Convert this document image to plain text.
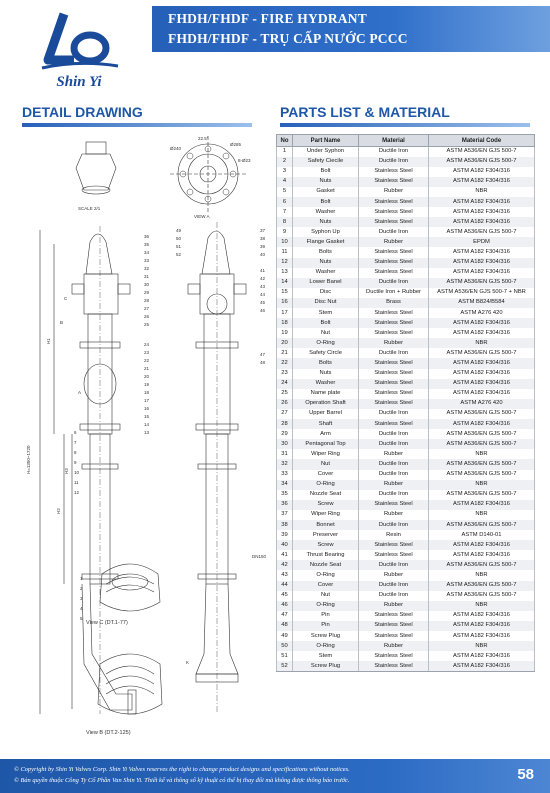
Shin Yi
FHDH/FHDF - FIRE HYDRANT
FHDH/FHDF - TRỤ CẤP NƯỚC PCCC
DETAIL DRAWING	PARTS LIST & MATERIAL
SCALE 2/1
VIEW A
22.5°
Ø240
Ø285
8-Ø23
H=1350~1720
H1
H2
H3
A
B
C
1
2
3
4
5
6
7
8
9
10
11
12
36
35
34
33
32
31
30
29
28
27
26
25
24
23
22
21
20
19
18
17
16
15
14
13
DN150
K
37
38
39
40
41
42
43
44
45
46
47
48
49
50
51
52
View C (DT.1-77)
View B (DT.2-125)
No	Part Name	Material	Material Code
1	Under Syphon	Ductile Iron	ASTM A536/EN GJS 500-7
2	Safety Ciecile	Ductile Iron	ASTM A536/EN GJS 500-7
3	Bolt	Stainless Steel	ASTM A182 F304/316
4	Nuts	Stainless Steel	ASTM A182 F304/316
5	Gasket	Rubber	NBR
6	Bolt	Stainless Steel	ASTM A182 F304/316
7	Washer	Stainless Steel	ASTM A182 F304/316
8	Nuts	Stainless Steel	ASTM A182 F304/316
9	Syphon Up	Ductile Iron	ASTM A536/EN GJS 500-7
10	Flange Gasket	Rubber	EPDM
11	Bolts	Stainless Steel	ASTM A182 F304/316
12	Nuts	Stainless Steel	ASTM A182 F304/316
13	Washer	Stainless Steel	ASTM A182 F304/316
14	Lower Banel	Ductile Iron	ASTM A536/EN GJS 500-7
15	Disc	Ductile Iron + Rubber	ASTM A536/EN GJS 500-7 + NBR
16	Disc Nut	Brass	ASTM B824/B584
17	Stem	Stainless Steel	ASTM A276 420
18	Bolt	Stainless Steel	ASTM A182 F304/316
19	Nut	Stainless Steel	ASTM A182 F304/316
20	O-Ring	Rubber	NBR
21	Safety Circle	Ductile Iron	ASTM A536/EN GJS 500-7
22	Bolts	Stainless Steel	ASTM A182 F304/316
23	Nuts	Stainless Steel	ASTM A182 F304/316
24	Washer	Stainless Steel	ASTM A182 F304/316
25	Name plate	Stainless Steel	ASTM A182 F304/316
26	Operation Shaft	Stainless Steel	ASTM A276 420
27	Upper Barrel	Ductile Iron	ASTM A536/EN GJS 500-7
28	Shaft	Stainless Steel	ASTM A182 F304/316
29	Arm	Ductile Iron	ASTM A536/EN GJS 500-7
30	Pentagonal Top	Ductile Iron	ASTM A536/EN GJS 500-7
31	Wiper Ring	Rubber	NBR
32	Nut	Ductile Iron	ASTM A536/EN GJS 500-7
33	Cover	Ductile Iron	ASTM A536/EN GJS 500-7
34	O-Ring	Rubber	NBR
35	Nozzle Seat	Ductile Iron	ASTM A536/EN GJS 500-7
36	Screw	Stainless Steel	ASTM A182 F304/316
37	Wiper Ring	Rubber	NBR
38	Bonnet	Ductile Iron	ASTM A536/EN GJS 500-7
39	Preserver	Resin	ASTM D140-01
40	Screw	Stainless Steel	ASTM A182 F304/316
41	Thrust Bearing	Stainless Steel	ASTM A182 F304/316
42	Nozzle Seat	Ductile Iron	ASTM A536/EN GJS 500-7
43	O-Ring	Rubber	NBR
44	Cover	Ductile Iron	ASTM A536/EN GJS 500-7
45	Nut	Ductile Iron	ASTM A536/EN GJS 500-7
46	O-Ring	Rubber	NBR
47	Pin	Stainless Steel	ASTM A182 F304/316
48	Pin	Stainless Steel	ASTM A182 F304/316
49	Screw Plug	Stainless Steel	ASTM A182 F304/316
50	O-Ring	Rubber	NBR
51	Stem	Stainless Steel	ASTM A182 F304/316
52	Screw Plug	Stainless Steel	ASTM A182 F304/316
© Copyright by Shin Yi Valves Corp. Shin Yi Valves reserves the right to change product designs and specifications without notices.
© Bản quyền thuộc Công Ty Cổ Phần Van Shin Yi. Thiết kế và thông số kỹ thuật có thể bị thay đổi mà không được thông báo trước.	58
